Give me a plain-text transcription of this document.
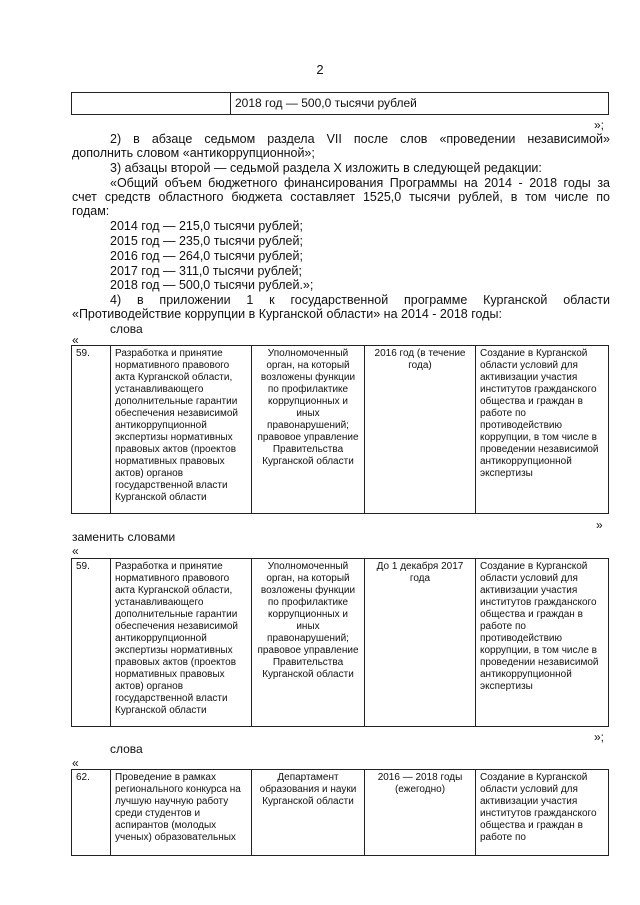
2
	2018 год — 500,0 тысячи рублей
»;
2) в абзаце седьмом раздела VII после слов «проведении независимой»
дополнить словом «антикоррупционной»;
3) абзацы второй — седьмой раздела X изложить в следующей редакции:
«Общий объем бюджетного финансирования Программы на 2014 - 2018 годы за
счет средств областного бюджета составляет 1525,0 тысячи рублей, в том числе по
годам:
2014 год — 215,0 тысячи рублей;
2015 год — 235,0 тысячи рублей;
2016 год — 264,0 тысячи рублей;
2017 год — 311,0 тысячи рублей;
2018 год — 500,0 тысячи рублей.»;
4) в приложении 1 к государственной программе Курганской области
«Противодействие коррупции в Курганской области» на 2014 - 2018 годы:
слова
«
59.	Разработка и принятие нормативного правового акта Курганской области, устанавливающего дополнительные гарантии обеспечения независимой антикоррупционной экспертизы нормативных правовых актов (проектов нормативных правовых актов) органов государственной власти Курганской области	Уполномоченный орган, на который возложены функции по профилактике коррупционных и иных правонарушений; правовое управление Правительства Курганской области	2016 год (в течение года)	Создание в Курганской области условий для активизации участия институтов гражданского общества и граждан в работе по противодействию коррупции, в том числе в проведении независимой антикоррупционной экспертизы
»
заменить словами
«
59.	Разработка и принятие нормативного правового акта Курганской области, устанавливающего дополнительные гарантии обеспечения независимой антикоррупционной экспертизы нормативных правовых актов (проектов нормативных правовых актов) органов государственной власти Курганской области	Уполномоченный орган, на который возложены функции по профилактике коррупционных и иных правонарушений; правовое управление Правительства Курганской области	До 1 декабря 2017 года	Создание в Курганской области условий для активизации участия институтов гражданского общества и граждан в работе по противодействию коррупции, в том числе в проведении независимой антикоррупционной экспертизы
»;
слова
«
62.	Проведение в рамках регионального конкурса на лучшую научную работу среди студентов и аспирантов (молодых ученых) образовательных	Департамент образования и науки Курганской области	2016 — 2018 годы (ежегодно)	Создание в Курганской области условий для активизации участия институтов гражданского общества и граждан в работе по
